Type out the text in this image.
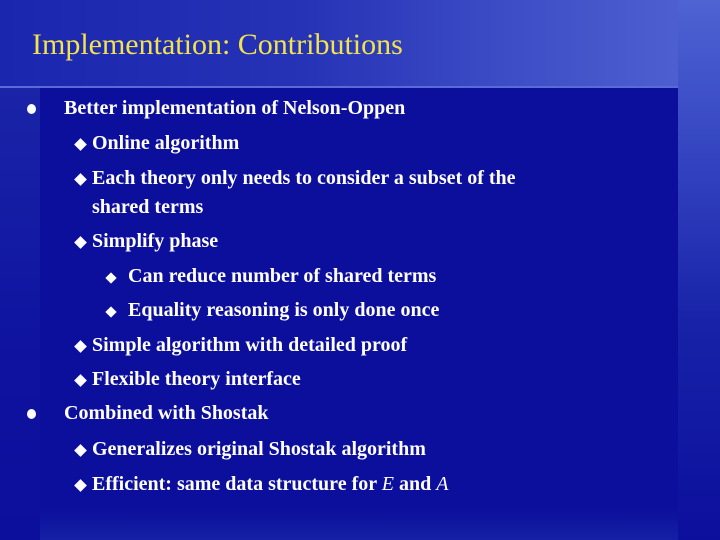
Implementation: Contributions
Better implementation of Nelson-Oppen
Online algorithm
Each theory only needs to consider a subset of the
shared terms
Simplify phase
Can reduce number of shared terms
Equality reasoning is only done once
Simple algorithm with detailed proof
Flexible theory interface
Combined with Shostak
Generalizes original Shostak algorithm
Efficient: same data structure for E and A
